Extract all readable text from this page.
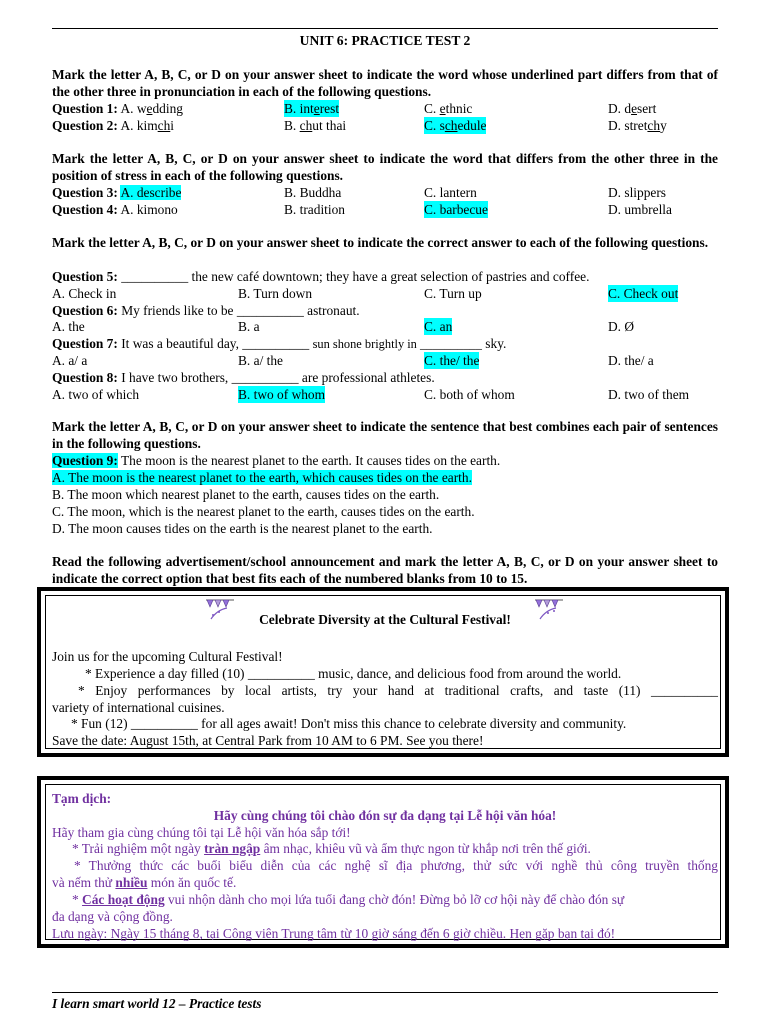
UNIT 6: PRACTICE TEST 2
Mark the letter A, B, C, or D on your answer sheet to indicate the word whose underlined part differs from that of the other three in pronunciation in each of the following questions.
Question 1: A. wedding	B. interest	C. ethnic	D. desert
Question 2: A. kimchi	B. chut thai	C. schedule	D. stretchy
Mark the letter A, B, C, or D on your answer sheet to indicate the word that differs from the other three in the position of stress in each of the following questions.
Question 3: A. describe	B. Buddha	C. lantern	D. slippers
Question 4: A. kimono	B. tradition	C. barbecue	D. umbrella
Mark the letter A, B, C, or D on your answer sheet to indicate the correct answer to each of the following questions.
Question 5: __________ the new café downtown; they have a great selection of pastries and coffee.
A. Check in	B. Turn down	C. Turn up	C. Check out
Question 6: My friends like to be __________ astronaut.
A. the	B. a	C. an	D. Ø
Question 7: It was a beautiful day, __________ sun shone brightly in __________ sky.
A. a/ a	B. a/ the	C. the/ the	D. the/ a
Question 8: I have two brothers, __________ are professional athletes.
A. two of which	B. two of whom	C. both of whom	D. two of them
Mark the letter A, B, C, or D on your answer sheet to indicate the sentence that best combines each pair of sentences in the following questions.
Question 9: The moon is the nearest planet to the earth. It causes tides on the earth.
A. The moon is the nearest planet to the earth, which causes tides on the earth.
B. The moon which nearest planet to the earth, causes tides on the earth.
C. The moon, which is the nearest planet to the earth, causes tides on the earth.
D. The moon causes tides on the earth is the nearest planet to the earth.
Read the following advertisement/school announcement and mark the letter A, B, C, or D on your answer sheet to indicate the correct option that best fits each of the numbered blanks from 10 to 15.
Celebrate Diversity at the Cultural Festival!
Join us for the upcoming Cultural Festival!
* Experience a day filled (10) __________ music, dance, and delicious food from around the world.
* Enjoy performances by local artists, try your hand at traditional crafts, and taste (11) __________
variety of international cuisines.
* Fun (12) __________ for all ages await! Don't miss this chance to celebrate diversity and community.
Save the date: August 15th, at Central Park from 10 AM to 6 PM. See you there!
Tạm dịch:
Hãy cùng chúng tôi chào đón sự đa dạng tại Lễ hội văn hóa!
Hãy tham gia cùng chúng tôi tại Lễ hội văn hóa sắp tới!
* Trải nghiệm một ngày tràn ngập âm nhạc, khiêu vũ và ẩm thực ngon từ khắp nơi trên thế giới.
* Thưởng thức các buổi biểu diễn của các nghệ sĩ địa phương, thử sức với nghề thủ công truyền thống
và nếm thử nhiều món ăn quốc tế.
* Các hoạt động vui nhộn dành cho mọi lứa tuổi đang chờ đón! Đừng bỏ lỡ cơ hội này để chào đón sự
đa dạng và cộng đồng.
Lưu ngày: Ngày 15 tháng 8, tại Công viên Trung tâm từ 10 giờ sáng đến 6 giờ chiều. Hẹn gặp bạn tại đó!
I learn smart world 12 – Practice tests
